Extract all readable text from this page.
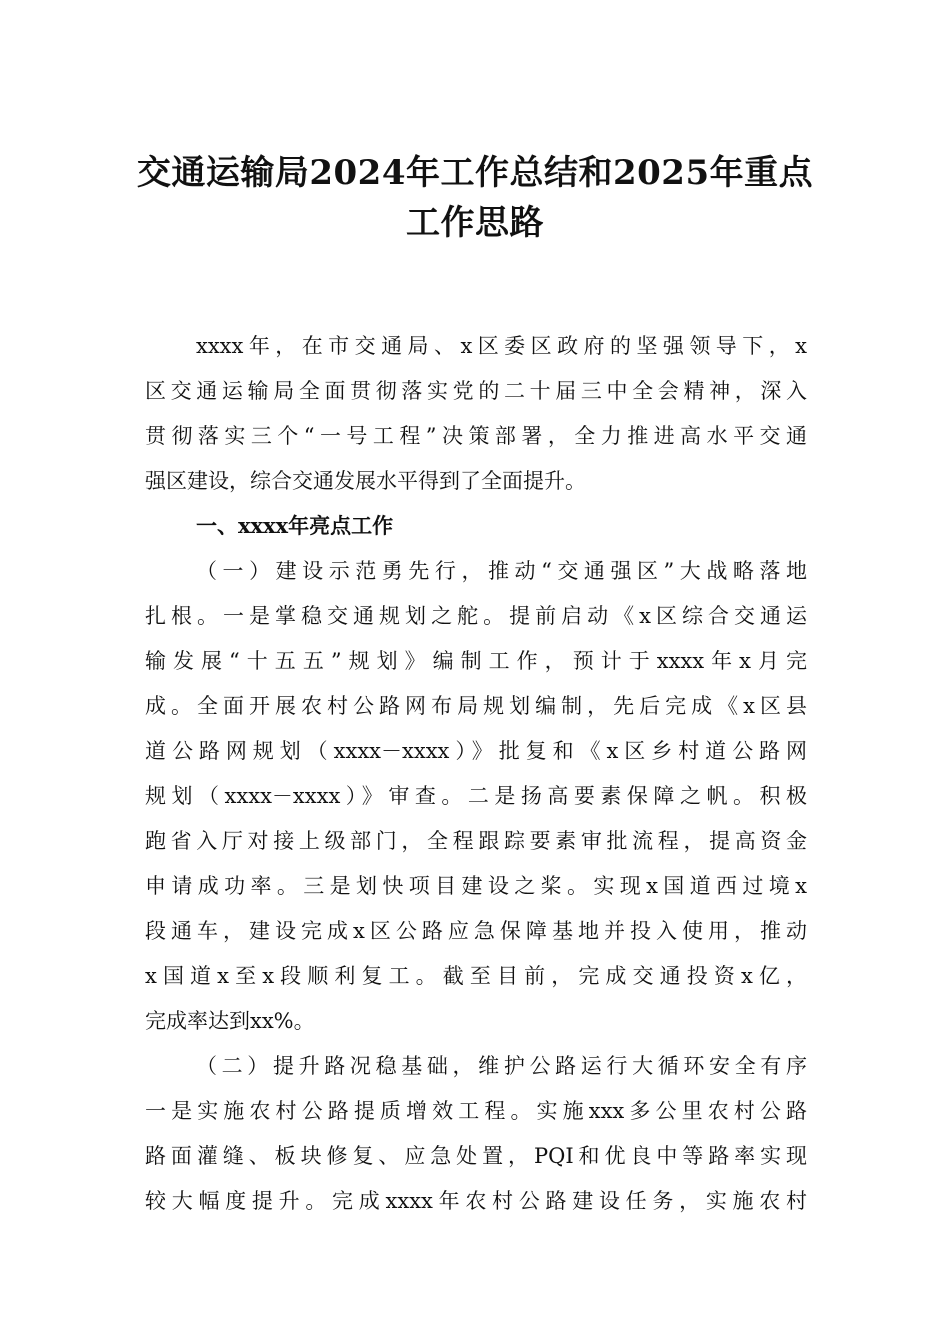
交通运输局2024年工作总结和2025年重点
工作思路
xxxx年，在市交通局、x区委区政府的坚强领导下，x
区交通运输局全面贯彻落实党的二十届三中全会精神，深入
贯彻落实三个“一号工程”决策部署，全力推进高水平交通
强区建设，综合交通发展水平得到了全面提升。
一、xxxx年亮点工作
（一）建设示范勇先行，推动“交通强区”大战略落地
扎根。一是掌稳交通规划之舵。提前启动《x区综合交通运
输发展“十五五”规划》编制工作，预计于xxxx年x月完
成。全面开展农村公路网布局规划编制，先后完成《x区县
道公路网规划（xxxx－xxxx）》批复和《x区乡村道公路网
规划（xxxx－xxxx）》审查。二是扬高要素保障之帆。积极
跑省入厅对接上级部门，全程跟踪要素审批流程，提高资金
申请成功率。三是划快项目建设之桨。实现x国道西过境x
段通车，建设完成x区公路应急保障基地并投入使用，推动
x国道x至x段顺利复工。截至目前，完成交通投资x亿，
完成率达到xx%。
（二）提升路况稳基础，维护公路运行大循环安全有序
一是实施农村公路提质增效工程。实施xxx多公里农村公路
路面灌缝、板块修复、应急处置，PQI和优良中等路率实现
较大幅度提升。完成xxxx年农村公路建设任务，实施农村
